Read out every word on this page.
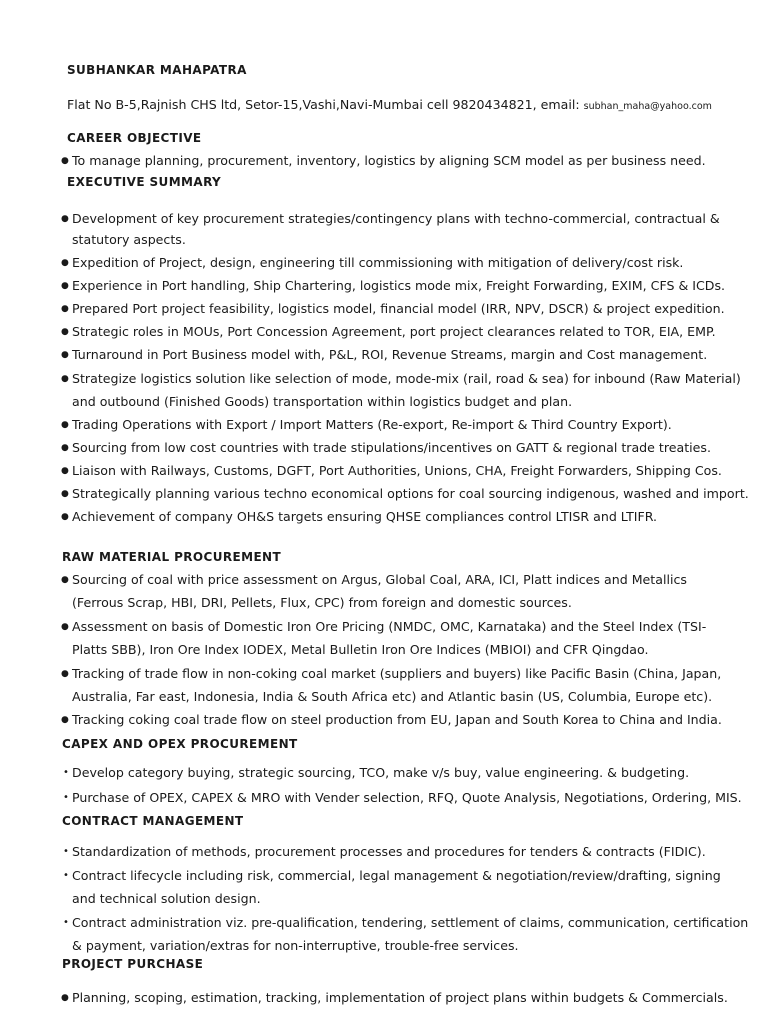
SUBHANKAR MAHAPATRA
Flat No B-5,Rajnish CHS ltd, Setor-15,Vashi,Navi-Mumbai cell 9820434821, email: subhan_maha@yahoo.com
CAREER OBJECTIVE
● To manage planning, procurement, inventory, logistics by aligning SCM model as per business need.
EXECUTIVE SUMMARY
● Development of key procurement strategies/contingency plans with techno-commercial, contractual &
statutory aspects.
● Expedition of Project, design, engineering till commissioning with mitigation of delivery/cost risk.
● Experience in Port handling, Ship Chartering, logistics mode mix, Freight Forwarding, EXIM, CFS & ICDs.
● Prepared Port project feasibility, logistics model, financial model (IRR, NPV, DSCR) & project expedition.
● Strategic roles in MOUs, Port Concession Agreement, port project clearances related to TOR, EIA, EMP.
● Turnaround in Port Business model with, P&L, ROI, Revenue Streams, margin and Cost management.
● Strategize logistics solution like selection of mode, mode-mix (rail, road & sea) for inbound (Raw Material)
and outbound (Finished Goods) transportation within logistics budget and plan.
● Trading Operations with Export / Import Matters (Re-export, Re-import & Third Country Export).
● Sourcing from low cost countries with trade stipulations/incentives on GATT & regional trade treaties.
● Liaison with Railways, Customs, DGFT, Port Authorities, Unions, CHA, Freight Forwarders, Shipping Cos.
● Strategically planning various techno economical options for coal sourcing indigenous, washed and import.
● Achievement of company OH&S targets ensuring QHSE compliances control LTISR and LTIFR.
RAW MATERIAL PROCUREMENT
● Sourcing of coal with price assessment on Argus, Global Coal, ARA, ICI, Platt indices and Metallics
(Ferrous Scrap, HBI, DRI, Pellets, Flux, CPC) from foreign and domestic sources.
● Assessment on basis of Domestic Iron Ore Pricing (NMDC, OMC, Karnataka) and the Steel Index (TSI-
Platts SBB), Iron Ore Index IODEX, Metal Bulletin Iron Ore Indices (MBIOI) and CFR Qingdao.
● Tracking of trade flow in non-coking coal market (suppliers and buyers) like Pacific Basin (China, Japan,
Australia, Far east, Indonesia, India & South Africa etc) and Atlantic basin (US, Columbia, Europe etc).
● Tracking coking coal trade flow on steel production from EU, Japan and South Korea to China and India.
CAPEX AND OPEX PROCUREMENT
• Develop category buying, strategic sourcing, TCO, make v/s buy, value engineering. & budgeting.
• Purchase of OPEX, CAPEX & MRO with Vender selection, RFQ, Quote Analysis, Negotiations, Ordering, MIS.
CONTRACT MANAGEMENT
• Standardization of methods, procurement processes and procedures for tenders & contracts (FIDIC).
• Contract lifecycle including risk, commercial, legal management & negotiation/review/drafting, signing
and technical solution design.
• Contract administration viz. pre-qualification, tendering, settlement of claims, communication, certification
& payment, variation/extras for non-interruptive, trouble-free services.
PROJECT PURCHASE
● Planning, scoping, estimation, tracking, implementation of project plans within budgets & Commercials.
